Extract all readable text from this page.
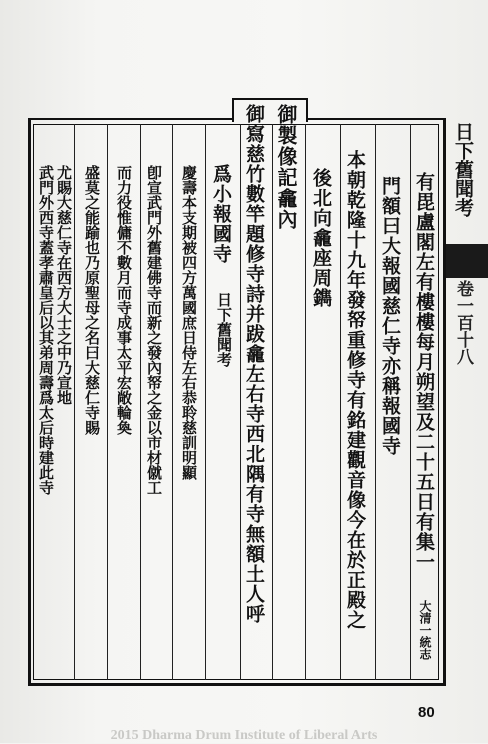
日下舊聞考
卷一百十八
有毘盧閣左有樓樓每月朔望及二十五日有集一
大清一統志
門額曰大報國慈仁寺亦稱報國寺
本朝乾隆十九年發帑重修寺有銘建觀音像今在於正殿之
後北向龕座周鐫
御製像記龕內
御寫慈竹數竿題修寺詩并跋龕左右寺西北隅有寺無額土人呼
爲小報國寺
日下舊聞考
慶壽本支期被四方萬國庶日侍左右恭聆慈訓明顯
卽宣武門外舊建佛寺而新之發內帑之金以市材僦工
而力役惟傭不數月而寺成事太平宏敞輪奐
盛莫之能踰也乃原聖母之名曰大慈仁寺賜
尤賜大慈仁寺在西方大士之中乃宣地
武門外西寺蓋孝肅皇后以其弟周壽爲太后時建此寺
80
2015 Dharma Drum Institute of Liberal Arts
